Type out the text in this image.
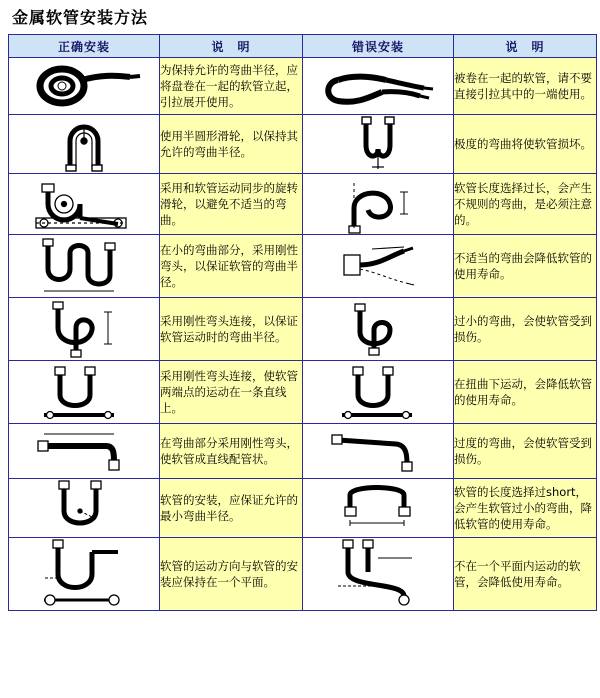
金属软管安装方法
正确安装	说　明	错误安装	说　明

	为保持允许的弯曲半径，应将盘卷在一起的软管立起，引拉展开使用。		被卷在一起的软管，请不要直接引拉其中的一端使用。

	使用半圆形滑轮，以保持其允许的弯曲半径。		极度的弯曲将使软管损坏。

	采用和软管运动同步的旋转滑轮，以避免不适当的弯曲。		软管长度选择过长，会产生不规则的弯曲，是必须注意的。

	在小的弯曲部分，采用刚性弯头，以保证软管的弯曲半径。		不适当的弯曲会降低软管的使用寿命。

	采用刚性弯头连接，以保证软管运动时的弯曲半径。		过小的弯曲，会使软管受到损伤。

	采用刚性弯头连接，使软管两端点的运动在一条直线上。		在扭曲下运动，会降低软管的使用寿命。

	在弯曲部分采用刚性弯头，使软管成直线配管状。		过度的弯曲，会使软管受到损伤。

	软管的安装，应保证允许的最小弯曲半径。		软管的长度选择过short，会产生软管过小的弯曲，降低软管的使用寿命。

	软管的运动方向与软管的安装应保持在一个平面。		不在一个平面内运动的软管，会降低使用寿命。
